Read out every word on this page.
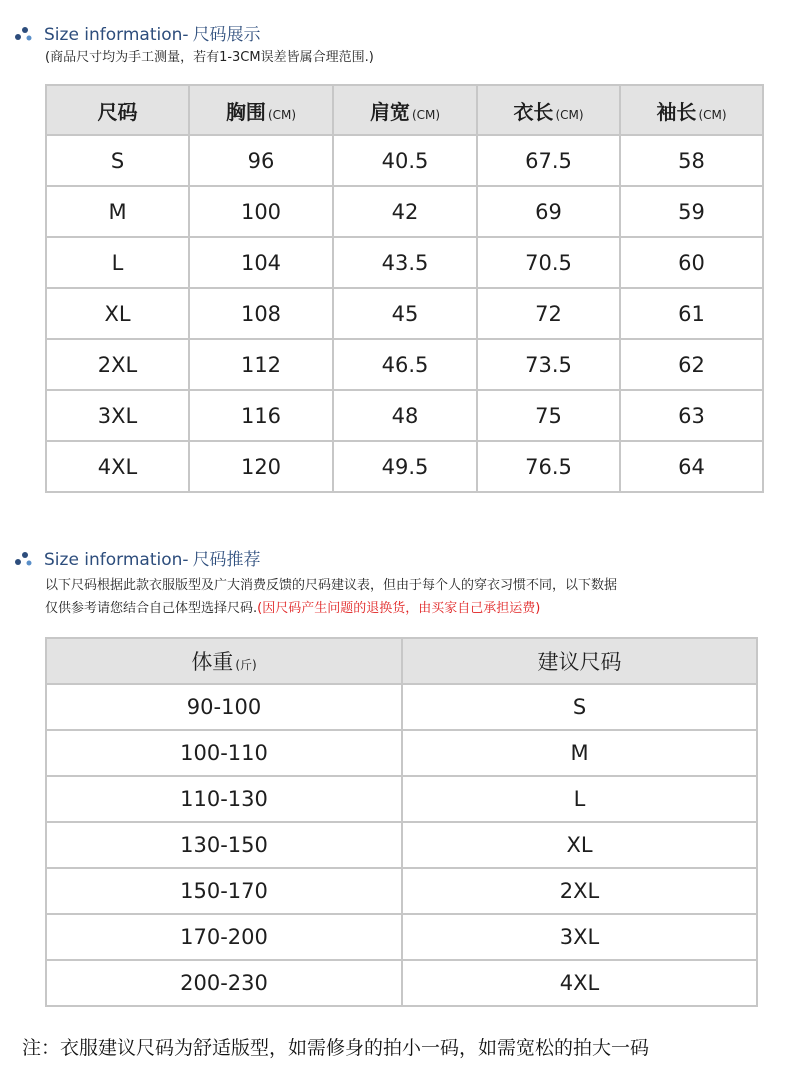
Size information- 尺码展示
(商品尺寸均为手工测量，若有1-3CM误差皆属合理范围.)
尺码	胸围 (CM)	肩宽 (CM)	衣长 (CM)	袖长 (CM)
S	96	40.5	67.5	58
M	100	42	69	59
L	104	43.5	70.5	60
XL	108	45	72	61
2XL	112	46.5	73.5	62
3XL	116	48	75	63
4XL	120	49.5	76.5	64
Size information- 尺码推荐
以下尺码根据此款衣服版型及广大消费反馈的尺码建议表，但由于每个人的穿衣习惯不同，以下数据
仅供参考请您结合自己体型选择尺码.(因尺码产生问题的退换货，由买家自己承担运费)
体重 (斤)	建议尺码
90-100	S
100-110	M
110-130	L
130-150	XL
150-170	2XL
170-200	3XL
200-230	4XL
注：衣服建议尺码为舒适版型，如需修身的拍小一码，如需宽松的拍大一码
